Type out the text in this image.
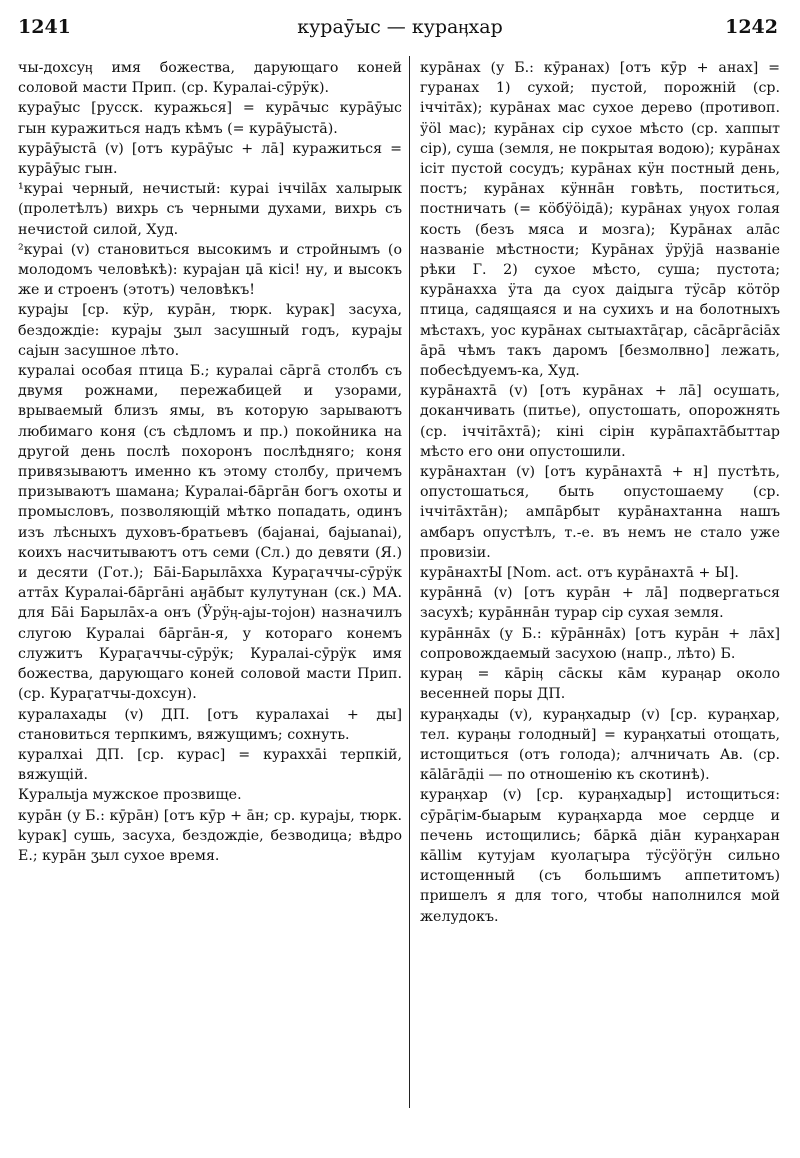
1241	кураӯыс — кураӊхар	1242
чы-дохсуӊ имя божества, дарующаго коней соловой масти Прип. (ср. Куралаі-сӯрӱк).
кураӯыс [русск. куражься] = курāчыс курāӯыс гын куражиться надъ кѣмъ (= курāӯыстā).
курāӯыстā (v) [отъ курāӯыс + лā] куражиться = курāӯыс гын.
¹кураі черный, нечистый: кураі іччіlāх халырык (пролетѣлъ) вихрь съ черными духами, вихрь съ нечистой силой, Худ.
²кураі (v) становиться высокимъ и стройнымъ (о молодомъ человѣкѣ): кураjан џā кісі! ну, и высокъ же и строенъ (этотъ) человѣкъ!
кураjы [ср. кӱр, курāн, тюрк. kурак] засуха, бездождіе: кураjы ӡыл засушный годъ, кураjы саjын засушное лѣто.
куралаі особая птица Б.; куралаі сāргā столбъ съ двумя рожнами, пережабицей и узорами, врываемый близъ ямы, въ которую зарываютъ любимаго коня (съ сѣдломъ и пр.) покойника на другой день послѣ похоронъ послѣдняго; коня привязываютъ именно къ этому столбу, причемъ призываютъ шамана; Куралаі-бāргāн богъ охоты и промысловъ, позволяющій мѣтко попадать, одинъ изъ лѣсныхъ духовъ-братьевъ (баjанаі, баjыаnаі), коихъ насчитываютъ отъ семи (Сл.) до девяти (Я.) и десяти (Гот.); Бāі-Барылāхха Кураӷаччы-сӯрӱк аттāх Куралаі-бāргāні аӈāбыт кулутунан (ск.) МА. для Бāі Барылāх-а онъ (Ӱрӱӊ-аjы-тоjон) назначилъ слугою Куралаі бāргāн-я, у котораго конемъ служитъ Кураӷаччы-сӯрӱк; Куралаі-сӯрӱк имя божества, дарующаго коней соловой масти Прип. (ср. Кураӷатчы-дохсун).
куралахады (v) ДП. [отъ куралахаі + ды] становиться терпкимъ, вяжущимъ; сохнуть.
куралхаі ДП. [ср. курас] = курахха̄і терпкій, вяжущій.
Куралыjа мужское прозвище.
курāн (у Б.: кӯрāн) [отъ кӯр + āн; ср. кураjы, тюрк. kурак] сушь, засуха, бездождіе, безводица; вѣдро Е.; курāн ӡыл сухое время.
курāнах (у Б.: кӯранах) [отъ кӯр + анах] = гуранах 1) сухой; пустой, порожній (ср. іччітāх); курāнах мас сухое дерево (противоп. ӱöl мас); курāнах сір сухое мѣсто (ср. хаппыт сір), суша (земля, не покрытая водою); курāнах ісіт пустой сосудъ; курāнах кӱн постный день, постъ; курāнах кӱннāн говѣть, поститься, постничать (= кöбӱöіда̄); курāнах уӊуох голая кость (безъ мяса и мозга); Курāнах алāс названіе мѣстности; Курāнах ӱрӱjā названіе рѣки Г. 2) сухое мѣсто, суша; пустота; курāнахха ӱта да суох даідыга тӱсāр кöтöр птица, садящаяся и на сухихъ и на болотныхъ мѣстахъ, уос курāнах сытыахтāӷар, сāсāргāсіāх āрā чѣмъ такъ даромъ [безмолвно] лежать, побесѣдуемъ-ка, Худ.
курāнахтā (v) [отъ курāнах + лā] осушать, доканчивать (питье), опустошать, опорожнять (ср. іччітāхтā); кіні сірін курāпахтāбыттар мѣсто его они опустошили.
курāнахтан (v) [отъ курāнахтā + н] пустѣть, опустошаться, быть опустошаему (ср. іччітāхтāн); ампāрбыт курāнахтанна нашъ амбаръ опустѣлъ, т.-е. въ немъ не стало уже провизіи.
курāнахтЫ [Nom. act. отъ курāнахтā + Ы].
курāннā (v) [отъ курāн + лā] подвергаться засухѣ; курāннāн турар сір сухая земля.
курāннāх (у Б.: кӯрāннāх) [отъ курāн + лāх] сопровождаемый засухою (напр., лѣто) Б.
кураӊ = кāріӊ сāскы кāм кураӊар около весенней поры ДП.
кураӊхады (v), кураӊхадыр (v) [ср. кураӊхар, тел. кураӊы голодный] = кураӊхатыі отощать, истощиться (отъ голода); алчничать Ав. (ср. кālāгāдіі — по отношенію къ скотинѣ).
кураӊхар (v) [ср. кураӊхадыр] истощиться: сӯрāӷім-быарым кураӊхарда мое сердце и печень истощились; бāркā діāн кураӊхаран кāllім кутуjам куолаӷыра тӱсӱöӷӱн сильно истощенный (съ большимъ аппетитомъ) пришелъ я для того, чтобы наполнился мой желудокъ.
